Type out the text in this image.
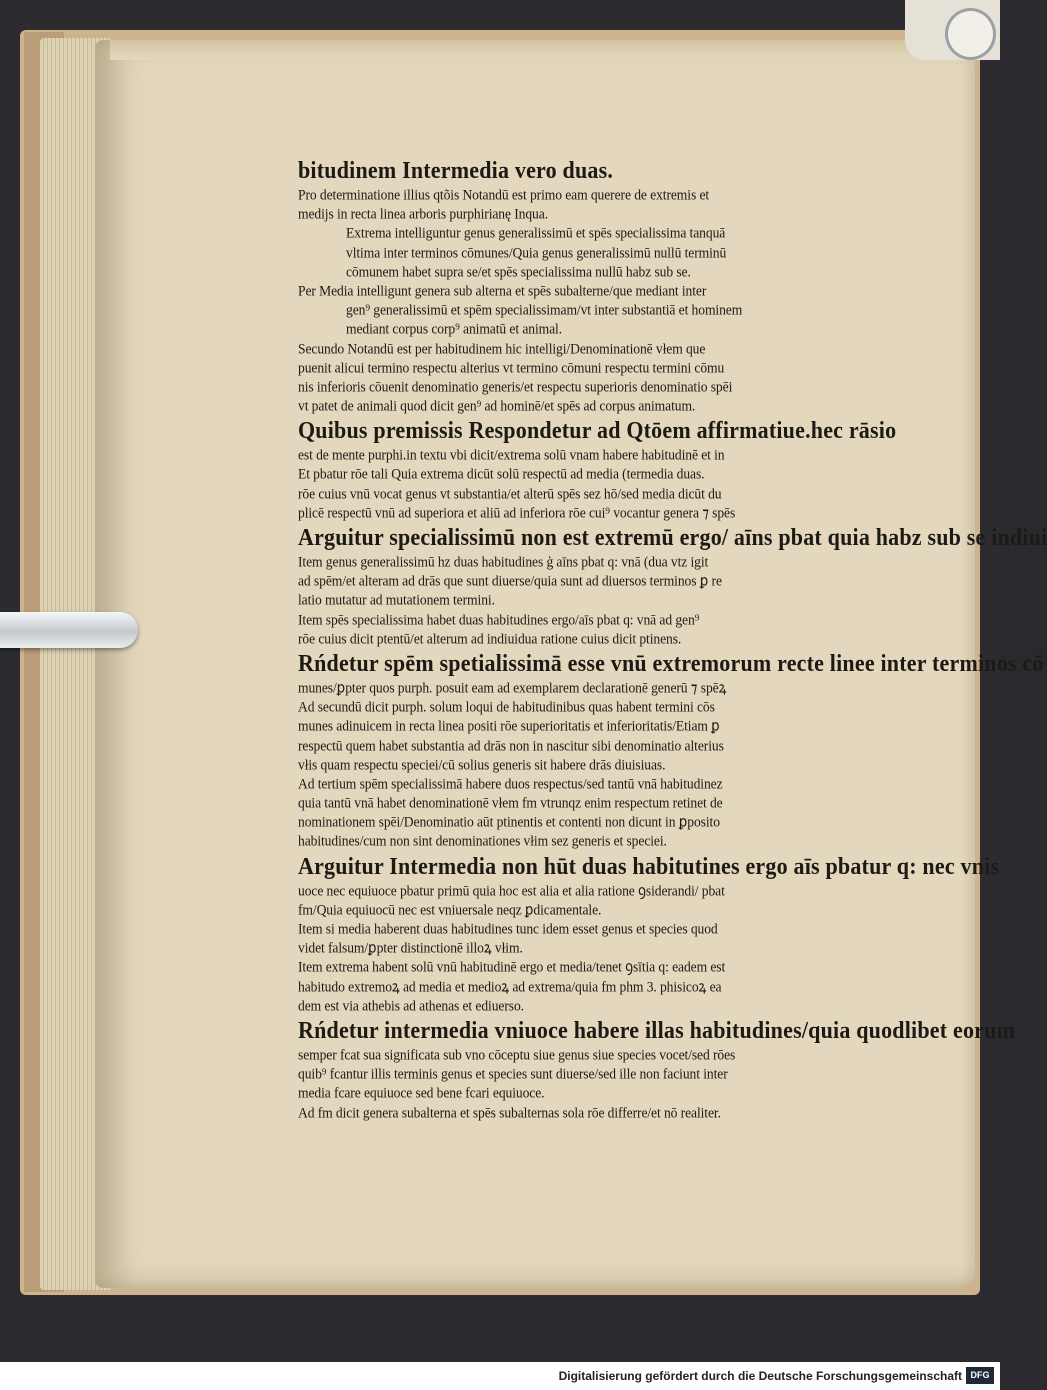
bitudinem Intermedia vero duas.
Pro determinatione illius qtõis Notandū est primo eam querere de extremis et
medijs in recta linea arboris purphirianę Inqua.
Extrema intelliguntur genus generalissimū et spēs specialissima tanquā
vltima inter terminos cōmunes/Quia genus generalissimū nullū terminū
cōmunem habet supra se/et spēs specialissima nullū habz sub se.
Per Media intelligunt genera sub alterna et spēs subalterne/que mediant inter
gen⁹ generalissimū et spēm specialissimam/vt inter substantiā et hominem
mediant corpus corp⁹ animatū et animal.
Secundo Notandū est per habitudinem hic intelligi/Denominationē vłem que
puenit alicui termino respectu alterius vt termino cōmuni respectu termini cōmu
nis inferioris cōuenit denominatio generis/et respectu superioris denominatio spēi
vt patet de animali quod dicit gen⁹ ad hominē/et spēs ad corpus animatum.
Quibus premissis Respondetur ad Qtōem affirmatiue.hec rāsio
est de mente purphi.in textu vbi dicit/extrema solū vnam habere habitudinē et in
Et pbatur rōe tali Quia extrema dicūt solū respectū ad media (termedia duas.
rōe cuius vnū vocat genus vt substantia/et alterū spēs sez hō/sed media dicūt du
plicē respectū vnū ad superiora et aliū ad inferiora rōe cui⁹ vocantur genera ⁊ spēs
Arguitur specialissimū non est extremū ergo/ aīns pbat quia habz sub se indiui
Item genus generalissimū hz duas habitudines ģ aīns pbat q: vnā (dua vtz igit
ad spēm/et alteram ad drās que sunt diuerse/quia sunt ad diuersos terminos ꝑ re
latio mutatur ad mutationem termini.
Item spēs specialissima habet duas habitudines ergo/aīs pbat q: vnā ad gen⁹
rōe cuius dicit ptentū/et alterum ad indiuidua ratione cuius dicit ptinens.
Rńdetur spēm spetialissimā esse vnū extremorum recte linee inter terminos cō
munes/ꝑpter quos purph. posuit eam ad exemplarem declarationē generū ⁊ spēꝝ
Ad secundū dicit purph. solum loqui de habitudinibus quas habent termini cōs
munes adinuicem in recta linea positi rōe superioritatis et inferioritatis/Etiam ꝑ
respectū quem habet substantia ad drās non in nascitur sibi denominatio alterius
vłis quam respectu speciei/cū solius generis sit habere drās diuisiuas.
Ad tertium spēm specialissimā habere duos respectus/sed tantū vnā habitudinez
quia tantū vnā habet denominationē vłem fm vtrunqz enim respectum retinet de
nominationem spēi/Denominatio aūt ptinentis et contenti non dicunt in ꝑposito
habitudines/cum non sint denominationes vłim sez generis et speciei.
Arguitur Intermedia non hūt duas habitutines ergo aīs pbatur q: nec vnis
uoce nec equiuoce pbatur primū quia hoc est alia et alia ratione ꝯsiderandi/ pbat
fm/Quia equiuocū nec est vniuersale neqz ꝑdicamentale.
Item si media haberent duas habitudines tunc idem esset genus et species quod
videt falsum/ꝑpter distinctionē illoꝝ vłim.
Item extrema habent solū vnū habitudinē ergo et media/tenet ꝯsītia q: eadem est
habitudo extremoꝝ ad media et medioꝝ ad extrema/quia fm phm 3. phisicoꝝ ea
dem est via athebis ad athenas et ediuerso.
Rńdetur intermedia vniuoce habere illas habitudines/quia quodlibet eorum
semper fcat sua significata sub vno cōceptu siue genus siue species vocet/sed rōes
quib⁹ fcantur illis terminis genus et species sunt diuerse/sed ille non faciunt inter
media fcare equiuoce sed bene fcari equiuoce.
Ad fm dicit genera subalterna et spēs subalternas sola rōe differre/et nō realiter.
Digitalisierung gefördert durch die Deutsche Forschungsgemeinschaft DFG
